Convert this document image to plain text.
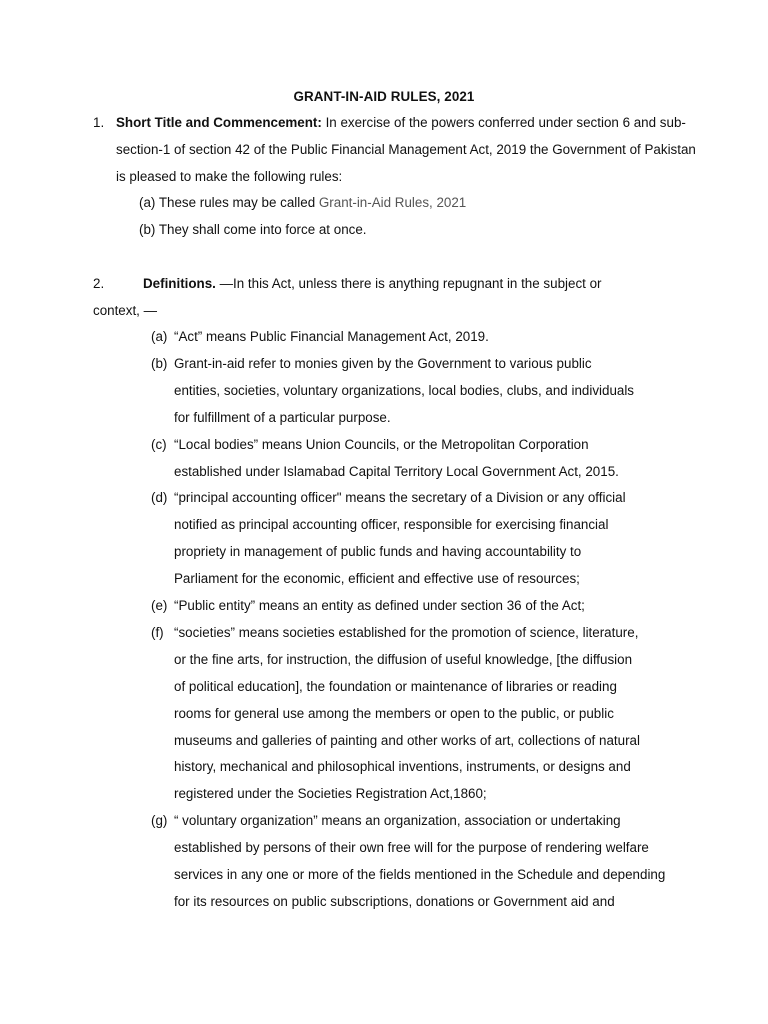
GRANT-IN-AID RULES, 2021
1. Short Title and Commencement: In exercise of the powers conferred under section 6 and sub-
section-1 of section 42 of the Public Financial Management Act, 2019 the Government of Pakistan
is pleased to make the following rules:
(a) These rules may be called Grant-in-Aid Rules, 2021
(b) They shall come into force at once.
2.	Definitions. —In this Act, unless there is anything repugnant in the subject or
context, —
(a) “Act” means Public Financial Management Act, 2019.
(b) Grant-in-aid refer to monies given by the Government to various public
entities, societies, voluntary organizations, local bodies, clubs, and individuals
for fulfillment of a particular purpose.
(c) “Local bodies” means Union Councils, or the Metropolitan Corporation
established under Islamabad Capital Territory Local Government Act, 2015.
(d) “principal accounting officer" means the secretary of a Division or any official
notified as principal accounting officer, responsible for exercising financial
propriety in management of public funds and having accountability to
Parliament for the economic, efficient and effective use of resources;
(e) “Public entity” means an entity as defined under section 36 of the Act;
(f) “societies” means societies established for the promotion of science, literature,
or the fine arts, for instruction, the diffusion of useful knowledge, [the diffusion
of political education], the foundation or maintenance of libraries or reading
rooms for general use among the members or open to the public, or public
museums and galleries of painting and other works of art, collections of natural
history, mechanical and philosophical inventions, instruments, or designs and
registered under the Societies Registration Act,1860;
(g) “ voluntary organization” means an organization, association or undertaking
established by persons of their own free will for the purpose of rendering welfare
services in any one or more of the fields mentioned in the Schedule and depending
for its resources on public subscriptions, donations or Government aid and
